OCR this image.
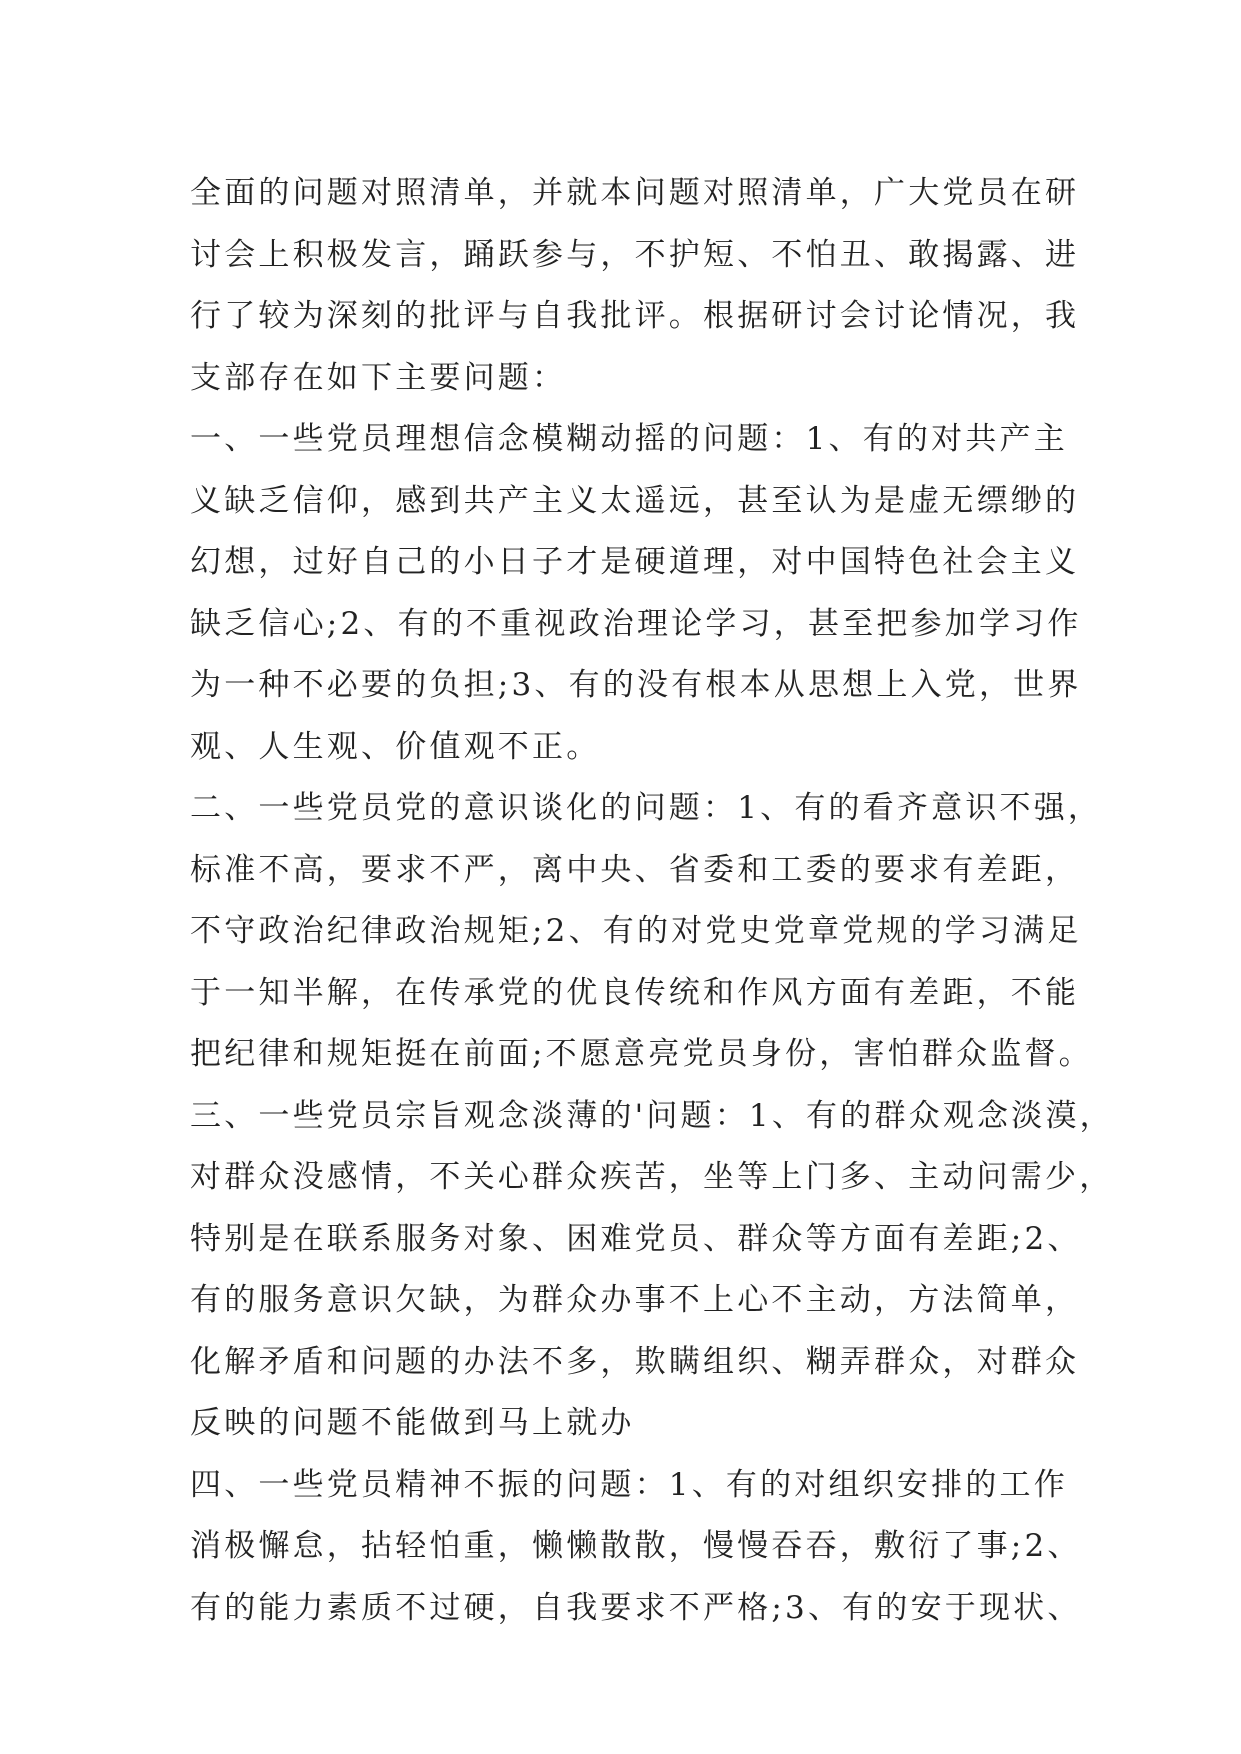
全面的问题对照清单，并就本问题对照清单，广大党员在研
讨会上积极发言，踊跃参与，不护短、不怕丑、敢揭露、进
行了较为深刻的批评与自我批评。根据研讨会讨论情况，我
支部存在如下主要问题：
一、一些党员理想信念模糊动摇的问题：1、有的对共产主
义缺乏信仰，感到共产主义太遥远，甚至认为是虚无缥缈的
幻想，过好自己的小日子才是硬道理，对中国特色社会主义
缺乏信心;2、有的不重视政治理论学习，甚至把参加学习作
为一种不必要的负担;3、有的没有根本从思想上入党，世界
观、人生观、价值观不正。
二、一些党员党的意识谈化的问题：1、有的看齐意识不强，
标准不高，要求不严，离中央、省委和工委的要求有差距，
不守政治纪律政治规矩;2、有的对党史党章党规的学习满足
于一知半解，在传承党的优良传统和作风方面有差距，不能
把纪律和规矩挺在前面;不愿意亮党员身份，害怕群众监督。
三、一些党员宗旨观念淡薄的'问题：1、有的群众观念淡漠，
对群众没感情，不关心群众疾苦，坐等上门多、主动问需少，
特别是在联系服务对象、困难党员、群众等方面有差距;2、
有的服务意识欠缺，为群众办事不上心不主动，方法简单，
化解矛盾和问题的办法不多，欺瞒组织、糊弄群众，对群众
反映的问题不能做到马上就办
四、一些党员精神不振的问题：1、有的对组织安排的工作
消极懈怠，拈轻怕重，懒懒散散，慢慢吞吞，敷衍了事;2、
有的能力素质不过硬，自我要求不严格;3、有的安于现状、
